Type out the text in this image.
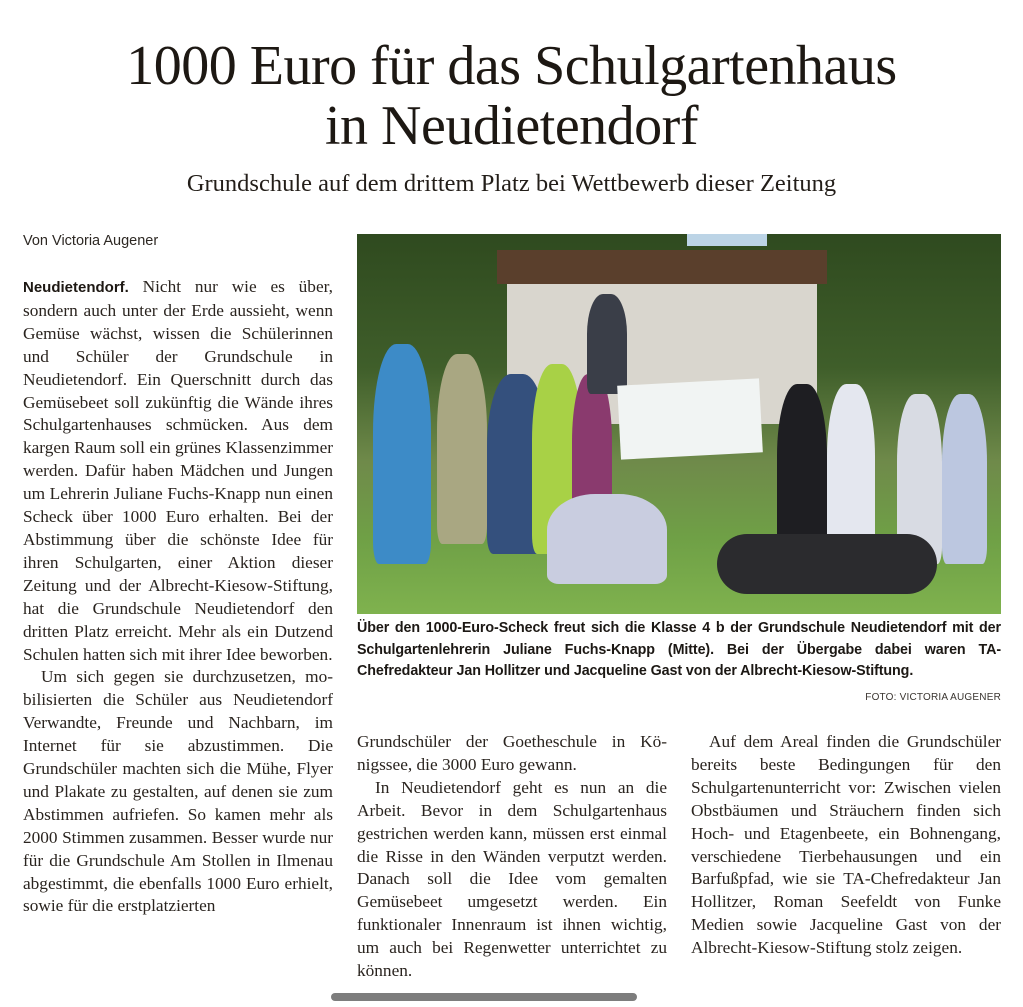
1000 Euro für das Schulgartenhaus
in Neudietendorf
Grundschule auf dem drittem Platz bei Wettbewerb dieser Zeitung
Von Victoria Augener

Neudietendorf. Nicht nur wie es über, sondern auch unter der Erde aussieht, wenn Gemüse wächst, wissen die Schülerinnen und Schüler der Grundschule in Neudietendorf. Ein Querschnitt durch das Gemüsebeet soll zukünftig die Wände ihres Schulgartenhauses schmücken. Aus dem kargen Raum soll ein grünes Klassenzimmer werden. Dafür haben Mädchen und Jungen um Lehrerin Juliane Fuchs-Knapp nun einen Scheck über 1000 Euro erhalten. Bei der Abstimmung über die schönste Idee für ihren Schulgarten, einer Aktion dieser Zeitung und der Albrecht-Kiesow-Stiftung, hat die Grundschule Neudietendorf den dritten Platz erreicht. Mehr als ein Dutzend Schulen hatten sich mit ihrer Idee beworben.

Um sich gegen sie durchzusetzen, mobilisierten die Schüler aus Neudietendorf Verwandte, Freunde und Nachbarn, im Internet für sie abzustimmen. Die Grundschüler machten sich die Mühe, Flyer und Plakate zu gestalten, auf denen sie zum Abstimmen aufriefen. So kamen mehr als 2000 Stimmen zusammen. Besser wurde nur für die Grundschule Am Stollen in Ilmenau abgestimmt, die ebenfalls 1000 Euro erhielt, sowie für die erstplatzierten

Über den 1000-Euro-Scheck freut sich die Klasse 4 b der Grundschule Neudietendorf mit der Schulgartenlehrerin Juliane Fuchs-Knapp (Mitte). Bei der Übergabe dabei waren TA-Chefredakteur Jan Hollitzer und Jacqueline Gast von der Albrecht-Kiesow-Stiftung.
FOTO: VICTORIA AUGENER

Grundschüler der Goetheschule in Königssee, die 3000 Euro gewann.

In Neudietendorf geht es nun an die Arbeit. Bevor in dem Schulgartenhaus gestrichen werden kann, müssen erst einmal die Risse in den Wänden verputzt werden. Danach soll die Idee vom gemalten Gemüsebeet umgesetzt werden. Ein funktionaler Innenraum ist ihnen wichtig, um auch bei Regenwetter unterrichtet zu können.

Auf dem Areal finden die Grundschüler bereits beste Bedingungen für den Schulgartenunterricht vor: Zwischen vielen Obstbäumen und Sträuchern finden sich Hoch- und Etagenbeete, ein Bohnengang, verschiedene Tierbehausungen und ein Barfußpfad, wie sie TA-Chefredakteur Jan Hollitzer, Roman Seefeldt von Funke Medien sowie Jacqueline Gast von der Albrecht-Kiesow-Stiftung stolz zeigen.
